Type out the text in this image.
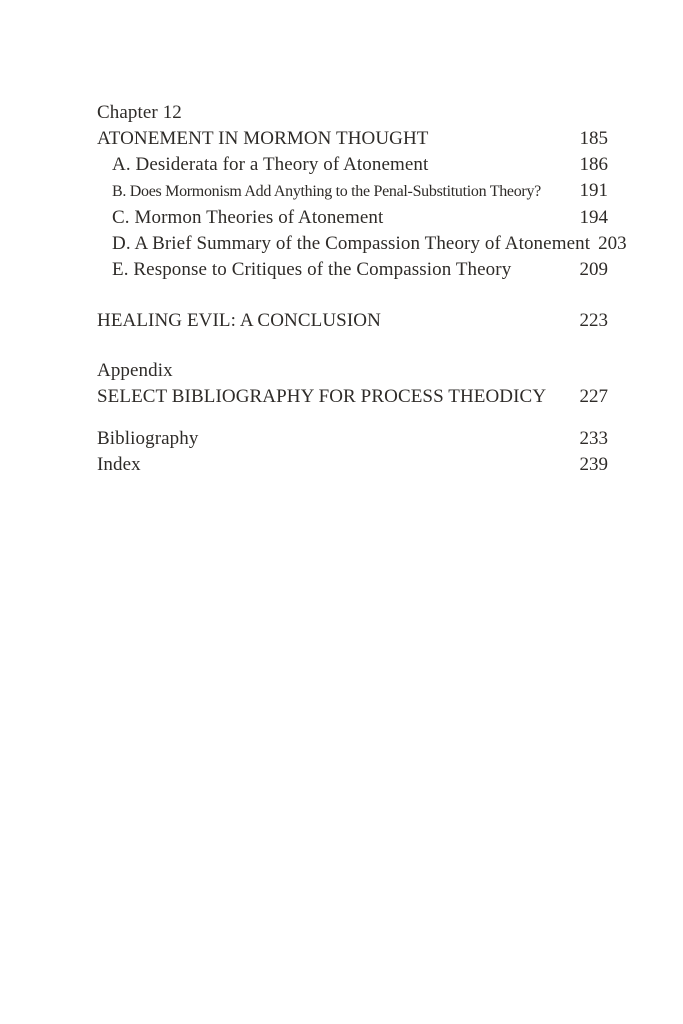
Chapter 12
ATONEMENT IN MORMON THOUGHT	185
A. Desiderata for a Theory of Atonement	186
B. Does Mormonism Add Anything to the Penal-Substitution Theory? 191
C. Mormon Theories of Atonement	194
D. A Brief Summary of the Compassion Theory of Atonement 203
E. Response to Critiques of the Compassion Theory	209
HEALING EVIL: A CONCLUSION	223
Appendix
SELECT BIBLIOGRAPHY FOR PROCESS THEODICY 227
Bibliography	233
Index	239
